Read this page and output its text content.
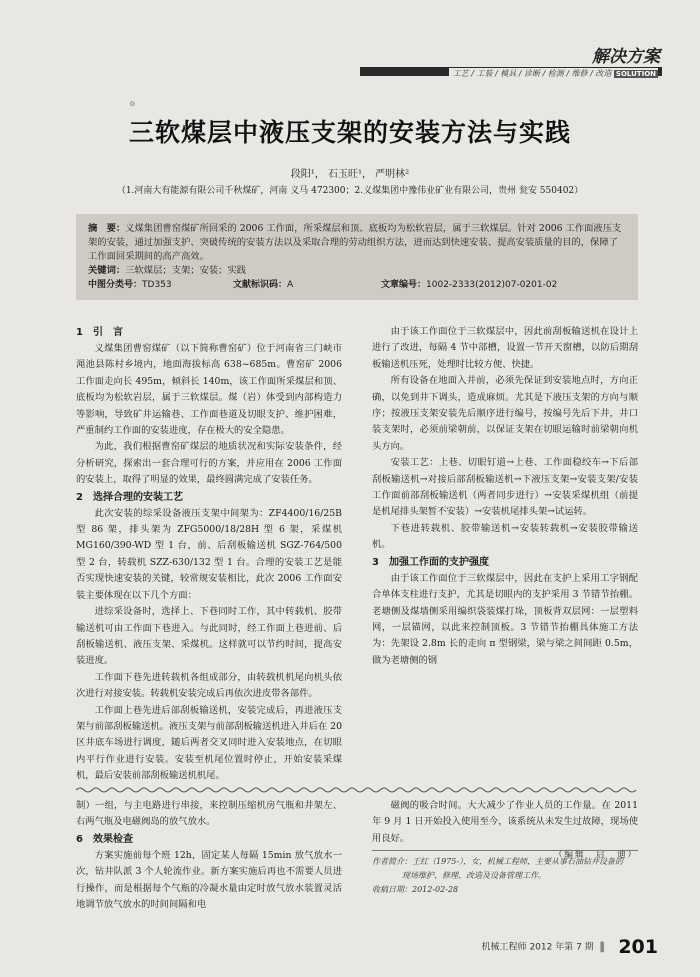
解决方案
工艺 / 工装 / 模具 / 诊断 / 检测 / 维修 / 改造 SOLUTION
o
三软煤层中液压支架的安装方法与实践
段阳¹， 石玉旺¹， 严明林²
（1.河南大有能源有限公司千秋煤矿，河南 义马 472300；2.义煤集团中豫伟业矿业有限公司，贵州 瓮安 550402）
摘　要：义煤集团曹窑煤矿所回采的 2006 工作面，所采煤层和顶、底板均为松软岩层，属于三软煤层。针对 2006 工作面液压支架的安装，通过加强支护、突破传统的安装方法以及采取合理的劳动组织方法，进而达到快速安装、提高安装质量的目的，保障了工作面回采期间的高产高效。
关键词：三软煤层；支架；安装；实践
中图分类号：TD353	文献标识码：A	文章编号：1002-2333(2012)07-0201-02
1　引　言

义煤集团曹窑煤矿（以下简称曹窑矿）位于河南省三门峡市渑池县陈村乡境内，地面海拔标高 638~685m。曹窑矿 2006 工作面走向长 495m，倾斜长 140m，该工作面所采煤层和顶、底板均为松软岩层，属于三软煤层。煤（岩）体受到内部构造力等影响，导致矿井运输巷、工作面巷道及切眼支护、维护困难，严重制约工作面的安装进度，存在极大的安全隐患。

为此，我们根据曹窑矿煤层的地质状况和实际安装条件，经分析研究，探索出一套合理可行的方案，并应用在 2006 工作面的安装上，取得了明显的效果，最终圆满完成了安装任务。

2　选择合理的安装工艺

此次安装的综采设备液压支架中间架为：ZF4400/16/25B 型 86 架，排头架为 ZFG5000/18/28H 型 6 架，采煤机 MG160/390-WD 型 1 台，前、后刮板输送机 SGZ-764/500 型 2 台，转载机 SZZ-630/132 型 1 台。合理的安装工艺是能否实现快速安装的关键，较常规安装相比，此次 2006 工作面安装主要体现在以下几个方面：

进综采设备时，选择上、下巷同时工作，其中转载机、胶带输送机可由工作面下巷进入。与此同时，经工作面上巷进前、后刮板输送机、液压支架、采煤机。这样就可以节约时间，提高安装进度。

工作面下巷先进转载机各组成部分，由转载机机尾向机头依次进行对接安装。转载机安装完成后再依次进皮带各部件。

工作面上巷先进后部刮板输送机，安装完成后，再进液压支架与前部刮板输送机。液压支架与前部刮板输送机进入井后在 20 区井底车场进行调度，随后两者交叉同时进入安装地点，在切眼内平行作业进行安装。安装至机尾位置时停止，开始安装采煤机，最后安装前部刮板输送机机尾。

由于该工作面位于三软煤层中，因此前刮板输送机在设计上进行了改进，每隔 4 节中部槽，设置一节开天窗槽，以防后期刮板输送机压死，处理时比较方便、快捷。

所有设备在地面入井前，必须先保证到安装地点时，方向正确，以免到井下调头，造成麻烦。尤其是下液压支架的方向与顺序；按液压支架安装先后顺序进行编号，按编号先后下井，井口装支架时，必须前梁朝前，以保证支架在切眼运输时前梁朝向机头方向。

安装工艺：上巷、切眼钉道→上巷、工作面稳绞车→下后部刮板输送机→对接后部刮板输送机→下液压支架→安装支架/安装工作面前部刮板输送机（两者同步进行）→安装采煤机组（前提是机尾排头架暂不安装）→安装机尾排头架→试运转。

下巷进转载机、胶带输送机→安装转载机→安装胶带输送机。

3　加强工作面的支护强度

由于该工作面位于三软煤层中，因此在支护上采用工字钢配合单体支柱进行支护，尤其是切眼内的支护采用 3 节错节抬棚。老塘侧及煤墙侧采用编织袋装煤打垛，顶板背双层网：一层塑料网，一层锚网，以此来控制顶板。3 节错节抬棚具体施工方法为：先架设 2.8m 长的走向 π 型钢梁，梁与梁之间间距 0.5m，做为老塘侧的钢

制）一组，与主电路进行串接，来控制压缩机房气瓶和井架左、右两气瓶及电磁阀岛的放气放水。

6　效果检查

方案实施前每个班 12h，固定某人每隔 15min 放气放水一次，钻井队派 3 个人轮流作业。新方案实施后再也不需要人员进行操作，而是根据每个气瓶的冷凝水量由定时放气放水装置灵活地调节放气放水的时间间隔和电

磁阀的吸合时间。大大减少了作业人员的工作量。在 2011 年 9 月 1 日开始投入使用至今，该系统从未发生过故障，现场使用良好。

（编辑　启　迪）
作者简介：王红（1975-），女，机械工程师，主要从事石油钻井设备的
现场维护、修理、改造及设备管理工作。
收稿日期：2012-02-28
机械工程师 2012 年第 7 期 ▌ 201
